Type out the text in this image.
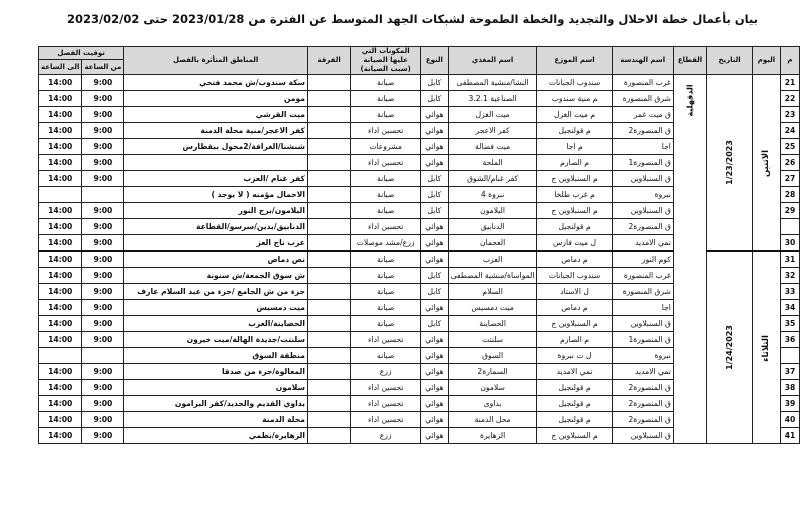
بيان بأعمال خطة الاحلال والتجديد والخطة الطموحة لشبكات الجهد المتوسط عن الفترة من 2023/01/28 حتى 2023/02/02
م	اليوم	التاريخ	القطاع	اسم الهندسة	اسم الموزع	اسم المغذي	النوع	المكونات التي عليها الصيانة (سبب الصيانة)	الفرقة	المناطق المتأثرة بالفصل	توقيت الفصل	
											من الساعة	الى الساعة
21	الاثنين	1/23/2023	الدقهلية	غرب المنصورة	سندوب الجبانات	النشا/منشية المصطفى	كابل	صيانة		سكة سندوب/ش محمد فتحي	9:00	14:00
22				شرق المنصورة	م منية سندوب	الصناعية 3.2.1	كابل	صيانة		مومن	9:00	14:00
23				ق ميت غمر	م ميت الغزل	ميت الغزل	هوائي	صيانة		ميت القرشي	9:00	14:00
24				ق المنصورة2	م قولنجيل	كفر الاعجر	هوائي	تحسين اداء		كفر الاعجر/منية محلة الدمنة	9:00	14:00
25				اجا	م اجا	ميت فضالة	هوائي	مشروعات		شنشنا/الغرافة/2محول ببقطارس	9:00	14:00
26				ق المنصورة1	م الصارم	الملحة	هوائي	تحسين اداء			9:00	14:00
27				ق السنبلاوين	م السنبلاوين ج	كفر غنام/الشوق	كابل	صيانة		كفر غنام /العزب	9:00	14:00
28				نبروة	م غرب طلخا	نبروة 4	كابل	صيانة		الاحمال مؤمنه ( لا يوجد )		
29				ق السنبلاوين	م السنبلاوين ج	البلامون	كابل	صيانة		البلامون/برج النور	9:00	14:00
				ق المنصورة2	م قولنجيل	الدنابيق	هوائي	تحسين اداء		الدنابيق/بدين/سرسو/القطاعة	9:00	14:00
30				تمي الامديد	ل ميت فارس	العجمان	هوائي	زرع/مشد موصلات		عزب ناج العز	9:00	14:00
31	الثلاثاء	1/24/2023		كوم النور	م دماص	العزب	هوائي	صيانة		نص دماص	9:00	14:00
32				غرب المنصورة	سندوب الجبانات	المواساة/منشية المصطفى	كابل	صيانة		ش سوق الجمعة/ش سنونة	9:00	14:00
33				شرق المنصورة	ل الاستاد	السلام	كابل	صيانة		جزء من ش الجامع /جزء من عبد السلام عارف	9:00	14:00
34				اجا	م دماص	ميت دمسيس	هوائي	صيانة		ميت دمسيس	9:00	14:00
35				ق السنبلاوين	م السنبلاوين ج	الحصاينة	كابل	صيانة		الحصاينة/العزب	9:00	14:00
36				ق المنصورة1	م الصارم	سلنتت	هوائي	تحسين اداء		سلنتت/جديدة الهالة/ميت خيرون	9:00	14:00
				نبروة	ل ت نبروة	السوق	هوائي	صيانه		منطقة السوق		
37				تمي الامديد	تمي الامديد	السمارة2	هوائي	زرع		المعالوة/جزء من صدقا	9:00	14:00
38				ق المنصورة2	م قولنجيل	سلامون	هوائي	تحسين اداء		سلامون	9:00	14:00
39				ق المنصورة2	م قولنجيل	بداوى	هوائي	تحسين اداء		بداوي القديم والجديد/كفر البرامون	9:00	14:00
40				ق المنصورة2	م قولنجيل	محل الدمنة	هوائي	تحسين اداء		محلة الدمنة	9:00	14:00
41				ق السنبلاوين	م السنبلاوين ج	الزهايرة	هوائي	زرع		الزهايرة/بطمي	9:00	14:00
